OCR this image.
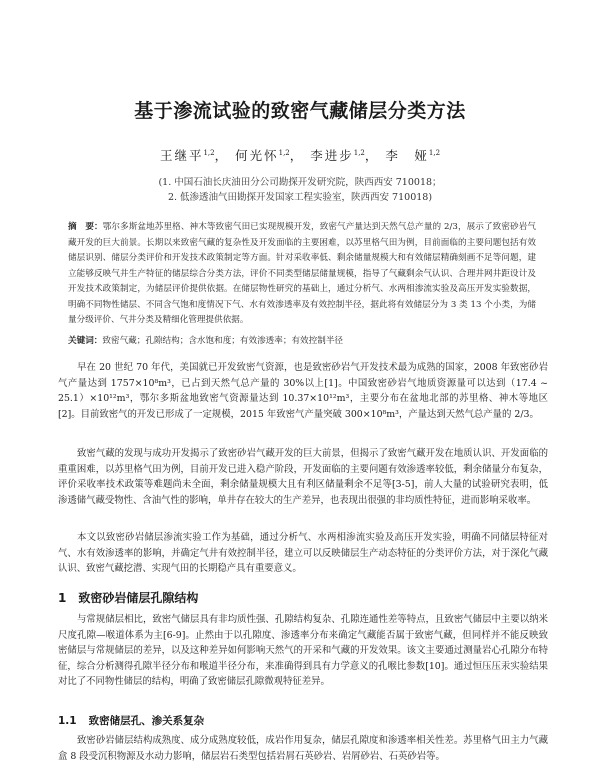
基于渗流试验的致密气藏储层分类方法
王继平$^{1,2}$， 何光怀$^{1,2}$， 李进步$^{1,2}$， 李　娅$^{1,2}$
(1. 中国石油长庆油田分公司勘探开发研究院，陕西西安 710018；
2. 低渗透油气田勘探开发国家工程实验室，陕西西安 710018)
摘　要：鄂尔多斯盆地苏里格、神木等致密气田已实现规模开发，致密气产量达到天然气总产量的 2/3，展示了致密砂岩气藏开发的巨大前景。长期以来致密气藏的复杂性及开发面临的主要困难，以苏里格气田为例，目前面临的主要问题包括有效储层识别、储层分类评价和开发技术政策制定等方面。针对采收率低、剩余储量规模大和有效储层精确刻画不足等问题，建立能够反映气井生产特征的储层综合分类方法，评价不同类型储层储量规模，指导了气藏剩余气认识、合理井网井距设计及开发技术政策制定，为储层评价提供依据。在储层物性研究的基础上，通过分析气、水两相渗流实验及高压开发实验数据，明确不同物性储层、不同含气饱和度情况下气、水有效渗透率及有效控制半径，据此将有效储层分为 3 类 13 个小类，为储量分级评价、气井分类及精细化管理提供依据。
关键词：致密气藏；孔隙结构；含水饱和度；有效渗透率；有效控制半径
早在 20 世纪 70 年代，美国就已开发致密气资源，也是致密砂岩气开发技术最为成熟的国家，2008 年致密砂岩气产量达到 1757×10⁸m³，已占到天然气总产量的 30%以上[1]。中国致密砂岩气地质资源量可以达到（17.4 ~ 25.1）×10¹²m³，鄂尔多斯盆地致密气资源量达到 10.37×10¹²m³，主要分布在盆地北部的苏里格、神木等地区[2]。目前致密气的开发已形成了一定规模，2015 年致密气产量突破 300×10⁸m³，产量达到天然气总产量的 2/3。
致密气藏的发现与成功开发揭示了致密砂岩气藏开发的巨大前景，但揭示了致密气藏开发在地质认识、开发面临的重重困难，以苏里格气田为例，目前开发已进入稳产阶段，开发面临的主要问题有效渗透率较低，剩余储量分布复杂，评价采收率技术政策等难题尚未全面，剩余储量规模大且有利区储量剩余不足等[3-5]，前人大量的试验研究表明，低渗透储气藏受物性、含油气性的影响，单井存在较大的生产差异，也表现出很强的非均质性特征，进而影响采收率。
本文以致密砂岩储层渗流实验工作为基础，通过分析气、水两相渗流实验及高压开发实验，明确不同储层特征对气、水有效渗透率的影响，并确定气井有效控制半径，建立可以反映储层生产动态特征的分类评价方法，对于深化气藏认识、致密气藏挖潜、实现气田的长期稳产具有重要意义。
1 致密砂岩储层孔隙结构
与常规储层相比，致密气储层具有非均质性强、孔隙结构复杂、孔隙连通性差等特点，且致密气储层中主要以纳米尺度孔隙—喉道体系为主[6-9]。止然由于以孔隙度、渗透率分布来确定气藏能否属于致密气藏，但同样并不能反映致密储层与常规储层的差异，以及这种差异如何影响天然气的开采和气藏的开发效果。该文主要通过测量岩心孔隙分布特征，综合分析测得孔隙半径分布和喉道半径分布，来准确得到具有力学意义的孔喉比参数[10]。通过恒压压汞实验结果对比了不同物性储层的结构，明确了致密储层孔隙微观特征差异。
1.1 致密储层孔、渗关系复杂
致密砂岩储层结构成熟度、成分成熟度较低，成岩作用复杂，储层孔隙度和渗透率相关性差。苏里格气田主力气藏盒 8 段受沉积物源及水动力影响，储层岩石类型包括岩屑石英砂岩、岩屑砂岩、石英砂岩等。
